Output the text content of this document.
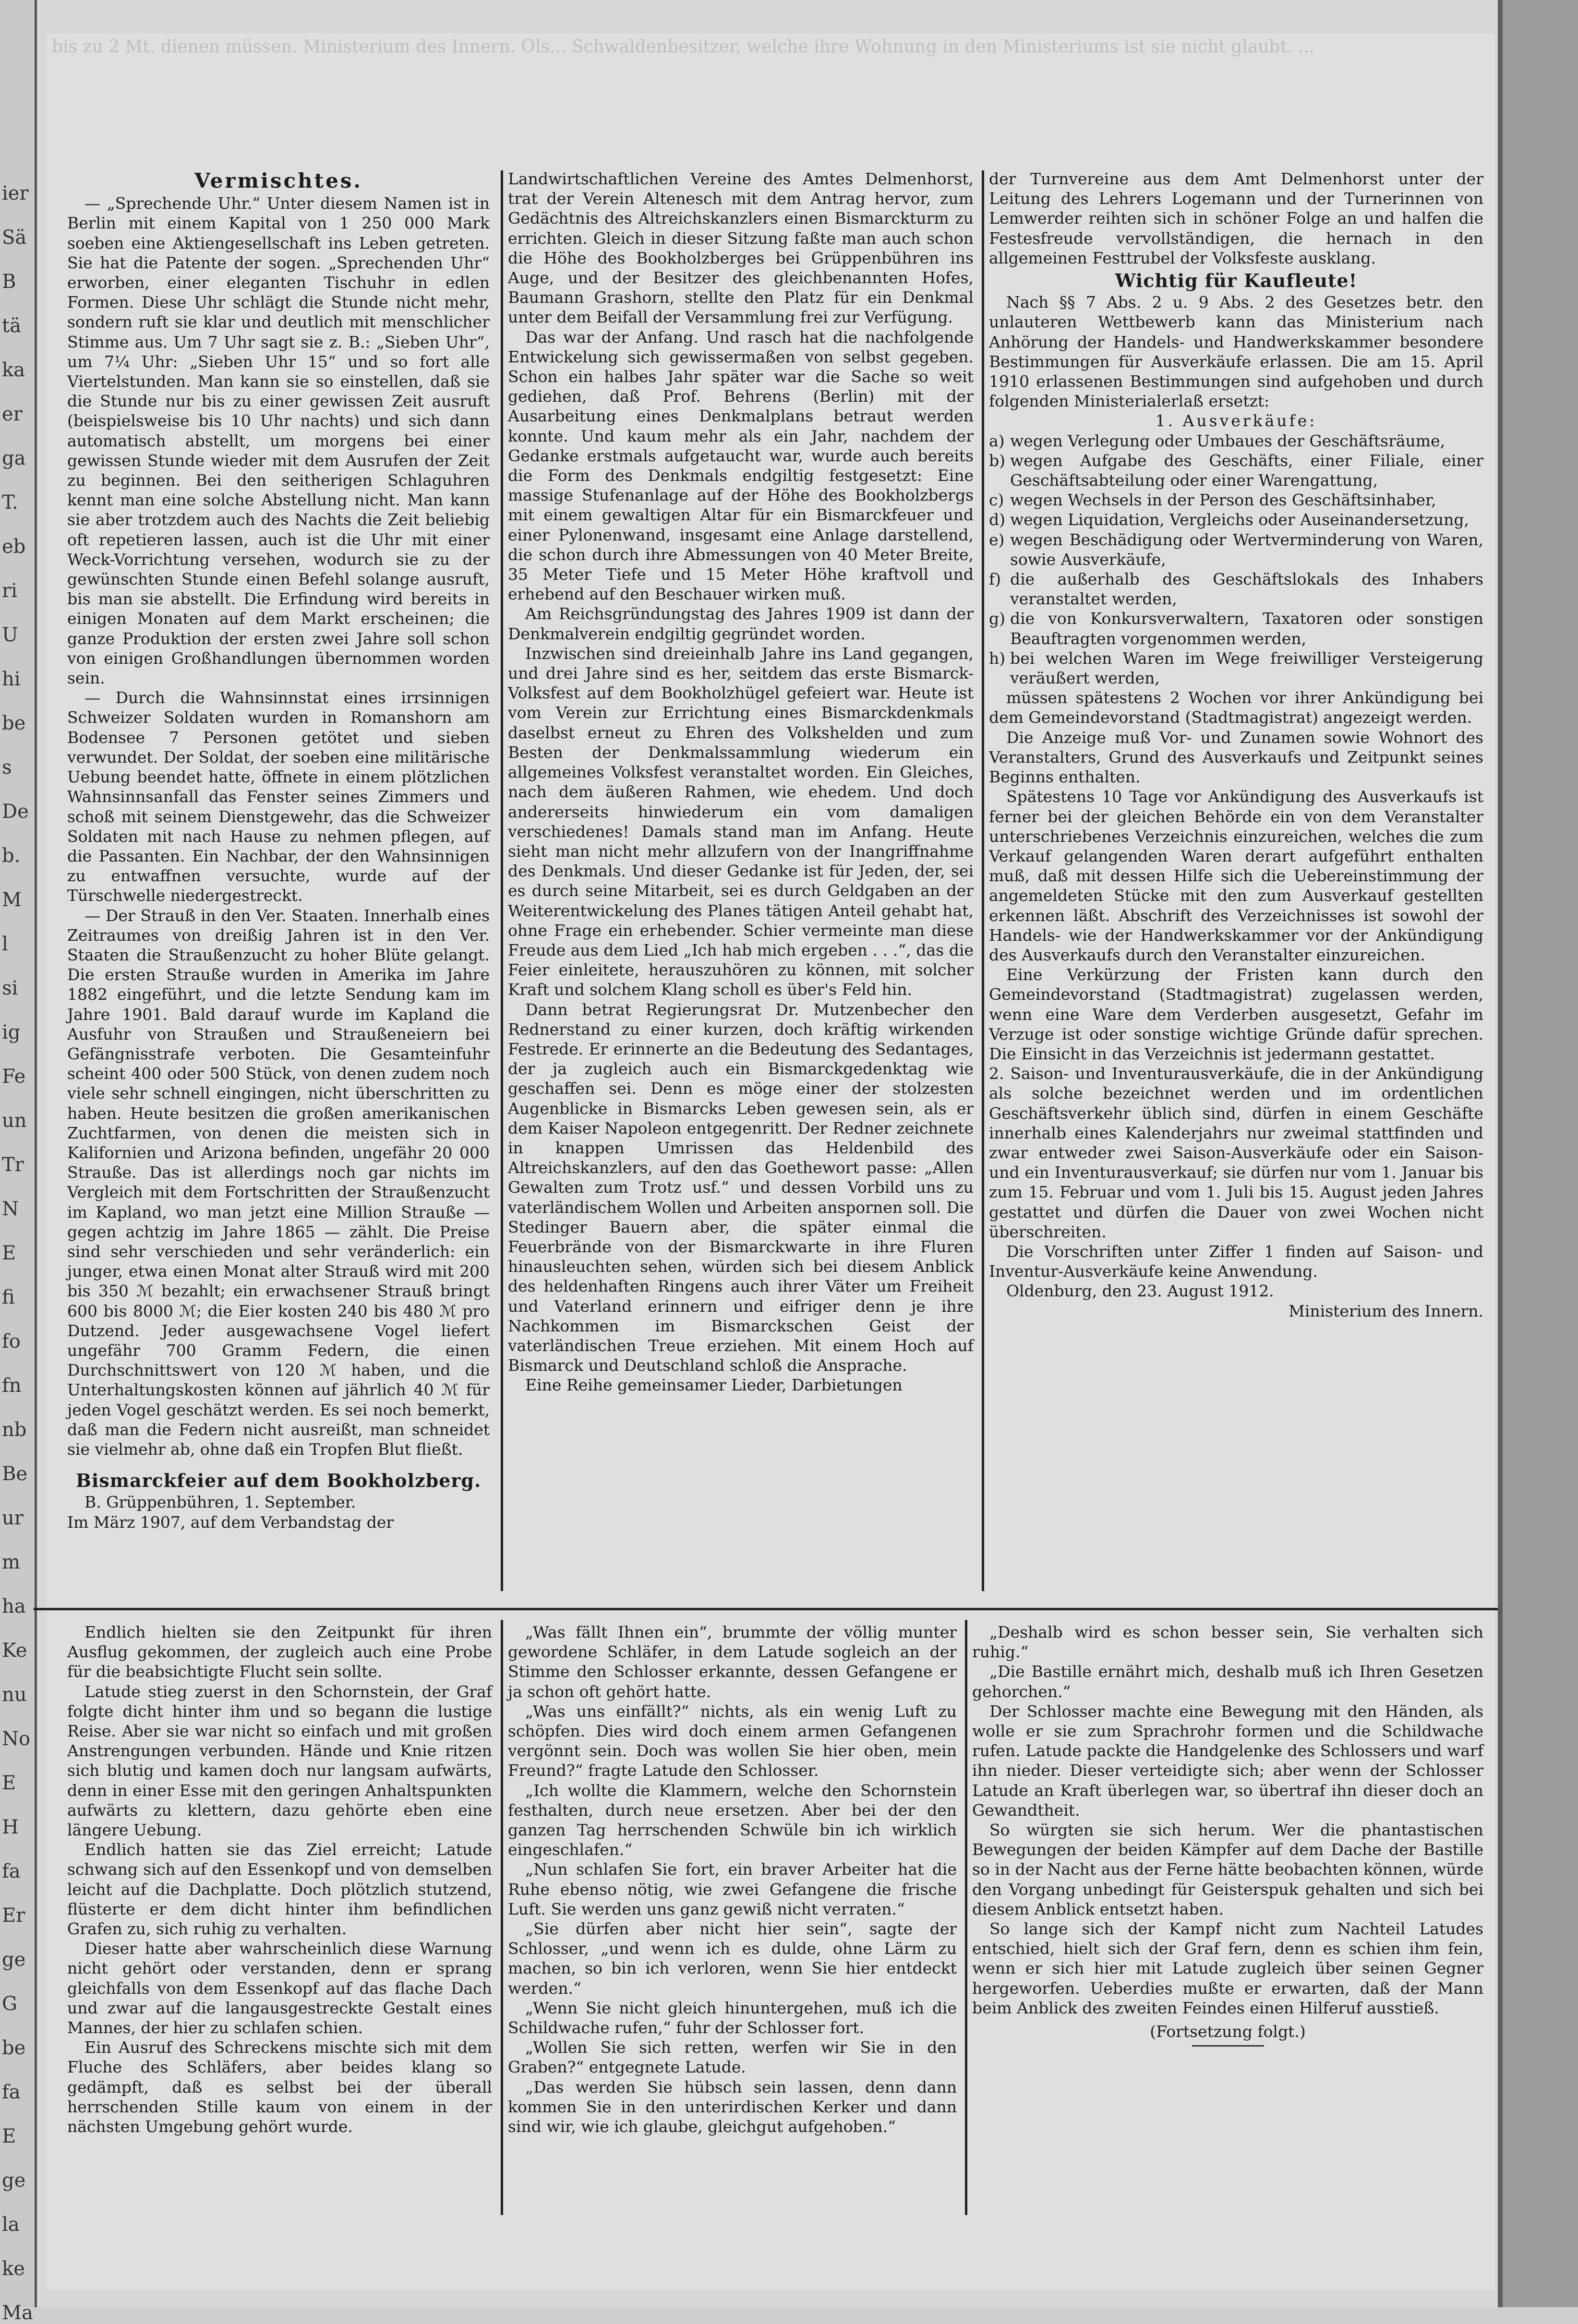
ier
Sä
B
tä
ka
er
ga
T.
eb
ri
U
hi
be
s
De
b.
M
l
si
ig
Fe
un
Tr
N
E
fi
fo
fn
nb
Be
ur
m
ha
Ke
nu
No
E
H
fa
Er
ge
G
be
fa
E
ge
la
ke
Ma
bis zu 2 Mt. dienen müssen. Ministerium des Innern. Ols... Schwaldenbesitzer, welche ihre Wohnung in den Ministeriums ist sie nicht glaubt. ...
Vermischtes.

— „Sprechende Uhr.“ Unter diesem Namen ist in Berlin mit einem Kapital von 1 250 000 Mark soeben eine Aktiengesellschaft ins Leben getreten. Sie hat die Patente der sogen. „Sprechenden Uhr“ erworben, einer eleganten Tischuhr in edlen Formen. Diese Uhr schlägt die Stunde nicht mehr, sondern ruft sie klar und deutlich mit menschlicher Stimme aus. Um 7 Uhr sagt sie z. B.: „Sieben Uhr“, um 7¼ Uhr: „Sieben Uhr 15“ und so fort alle Viertelstunden. Man kann sie so einstellen, daß sie die Stunde nur bis zu einer gewissen Zeit ausruft (beispielsweise bis 10 Uhr nachts) und sich dann automatisch abstellt, um morgens bei einer gewissen Stunde wieder mit dem Ausrufen der Zeit zu beginnen. Bei den seitherigen Schlaguhren kennt man eine solche Abstellung nicht. Man kann sie aber trotzdem auch des Nachts die Zeit beliebig oft repetieren lassen, auch ist die Uhr mit einer Weck-Vorrichtung versehen, wodurch sie zu der gewünschten Stunde einen Befehl solange ausruft, bis man sie abstellt. Die Erfindung wird bereits in einigen Monaten auf dem Markt erscheinen; die ganze Produktion der ersten zwei Jahre soll schon von einigen Großhandlungen übernommen worden sein.

— Durch die Wahnsinnstat eines irrsinnigen Schweizer Soldaten wurden in Romanshorn am Bodensee 7 Personen getötet und sieben verwundet. Der Soldat, der soeben eine militärische Uebung beendet hatte, öffnete in einem plötzlichen Wahnsinnsanfall das Fenster seines Zimmers und schoß mit seinem Dienstgewehr, das die Schweizer Soldaten mit nach Hause zu nehmen pflegen, auf die Passanten. Ein Nachbar, der den Wahnsinnigen zu entwaffnen versuchte, wurde auf der Türschwelle niedergestreckt.

— Der Strauß in den Ver. Staaten. Innerhalb eines Zeitraumes von dreißig Jahren ist in den Ver. Staaten die Straußenzucht zu hoher Blüte gelangt. Die ersten Strauße wurden in Amerika im Jahre 1882 eingeführt, und die letzte Sendung kam im Jahre 1901. Bald darauf wurde im Kapland die Ausfuhr von Straußen und Straußeneiern bei Gefängnisstrafe verboten. Die Gesamteinfuhr scheint 400 oder 500 Stück, von denen zudem noch viele sehr schnell eingingen, nicht überschritten zu haben. Heute besitzen die großen amerikanischen Zuchtfarmen, von denen die meisten sich in Kalifornien und Arizona befinden, ungefähr 20 000 Strauße. Das ist allerdings noch gar nichts im Vergleich mit dem Fortschritten der Straußenzucht im Kapland, wo man jetzt eine Million Strauße — gegen achtzig im Jahre 1865 — zählt. Die Preise sind sehr verschieden und sehr veränderlich: ein junger, etwa einen Monat alter Strauß wird mit 200 bis 350 ℳ bezahlt; ein erwachsener Strauß bringt 600 bis 8000 ℳ; die Eier kosten 240 bis 480 ℳ pro Dutzend. Jeder ausgewachsene Vogel liefert ungefähr 700 Gramm Federn, die einen Durchschnittswert von 120 ℳ haben, und die Unterhaltungskosten können auf jährlich 40 ℳ für jeden Vogel geschätzt werden. Es sei noch bemerkt, daß man die Federn nicht ausreißt, man schneidet sie vielmehr ab, ohne daß ein Tropfen Blut fließt.

Bismarckfeier auf dem Bookholzberg.

B. Grüppenbühren, 1. September.

Im März 1907, auf dem Verbandstag der

Landwirtschaftlichen Vereine des Amtes Delmenhorst, trat der Verein Altenesch mit dem Antrag hervor, zum Gedächtnis des Altreichskanzlers einen Bismarckturm zu errichten. Gleich in dieser Sitzung faßte man auch schon die Höhe des Bookholzberges bei Grüppenbühren ins Auge, und der Besitzer des gleichbenannten Hofes, Baumann Grashorn, stellte den Platz für ein Denkmal unter dem Beifall der Versammlung frei zur Verfügung.

Das war der Anfang. Und rasch hat die nachfolgende Entwickelung sich gewissermaßen von selbst gegeben. Schon ein halbes Jahr später war die Sache so weit gediehen, daß Prof. Behrens (Berlin) mit der Ausarbeitung eines Denkmalplans betraut werden konnte. Und kaum mehr als ein Jahr, nachdem der Gedanke erstmals aufgetaucht war, wurde auch bereits die Form des Denkmals endgiltig festgesetzt: Eine massige Stufenanlage auf der Höhe des Bookholzbergs mit einem gewaltigen Altar für ein Bismarckfeuer und einer Pylonenwand, insgesamt eine Anlage darstellend, die schon durch ihre Abmessungen von 40 Meter Breite, 35 Meter Tiefe und 15 Meter Höhe kraftvoll und erhebend auf den Beschauer wirken muß.

Am Reichsgründungstag des Jahres 1909 ist dann der Denkmalverein endgiltig gegründet worden.

Inzwischen sind dreieinhalb Jahre ins Land gegangen, und drei Jahre sind es her, seitdem das erste Bismarck-Volksfest auf dem Bookholzhügel gefeiert war. Heute ist vom Verein zur Errichtung eines Bismarckdenkmals daselbst erneut zu Ehren des Volkshelden und zum Besten der Denkmalssammlung wiederum ein allgemeines Volksfest veranstaltet worden. Ein Gleiches, nach dem äußeren Rahmen, wie ehedem. Und doch andererseits hinwiederum ein vom damaligen verschiedenes! Damals stand man im Anfang. Heute sieht man nicht mehr allzufern von der Inangriffnahme des Denkmals. Und dieser Gedanke ist für Jeden, der, sei es durch seine Mitarbeit, sei es durch Geldgaben an der Weiterentwickelung des Planes tätigen Anteil gehabt hat, ohne Frage ein erhebender. Schier vermeinte man diese Freude aus dem Lied „Ich hab mich ergeben . . .“, das die Feier einleitete, herauszuhören zu können, mit solcher Kraft und solchem Klang scholl es über's Feld hin.

Dann betrat Regierungsrat Dr. Mutzenbecher den Rednerstand zu einer kurzen, doch kräftig wirkenden Festrede. Er erinnerte an die Bedeutung des Sedantages, der ja zugleich auch ein Bismarckgedenktag wie geschaffen sei. Denn es möge einer der stolzesten Augenblicke in Bismarcks Leben gewesen sein, als er dem Kaiser Napoleon entgegenritt. Der Redner zeichnete in knappen Umrissen das Heldenbild des Altreichskanzlers, auf den das Goethewort passe: „Allen Gewalten zum Trotz usf.“ und dessen Vorbild uns zu vaterländischem Wollen und Arbeiten anspornen soll. Die Stedinger Bauern aber, die später einmal die Feuerbrände von der Bismarckwarte in ihre Fluren hinausleuchten sehen, würden sich bei diesem Anblick des heldenhaften Ringens auch ihrer Väter um Freiheit und Vaterland erinnern und eifriger denn je ihre Nachkommen im Bismarckschen Geist der vaterländischen Treue erziehen. Mit einem Hoch auf Bismarck und Deutschland schloß die Ansprache.

Eine Reihe gemeinsamer Lieder, Darbietungen

der Turnvereine aus dem Amt Delmenhorst unter der Leitung des Lehrers Logemann und der Turnerinnen von Lemwerder reihten sich in schöner Folge an und halfen die Festesfreude vervollständigen, die hernach in den allgemeinen Festtrubel der Volksfeste ausklang.

Wichtig für Kaufleute!

Nach §§ 7 Abs. 2 u. 9 Abs. 2 des Gesetzes betr. den unlauteren Wettbewerb kann das Ministerium nach Anhörung der Handels- und Handwerkskammer besondere Bestimmungen für Ausverkäufe erlassen. Die am 15. April 1910 erlassenen Bestimmungen sind aufgehoben und durch folgenden Ministerialerlaß ersetzt:

1. Ausverkäufe:
a) wegen Verlegung oder Umbaues der Geschäftsräume,
b) wegen Aufgabe des Geschäfts, einer Filiale, einer Geschäftsabteilung oder einer Warengattung,
c) wegen Wechsels in der Person des Geschäftsinhaber,
d) wegen Liquidation, Vergleichs oder Auseinandersetzung,
e) wegen Beschädigung oder Wertverminderung von Waren, sowie Ausverkäufe,
f) die außerhalb des Geschäftslokals des Inhabers veranstaltet werden,
g) die von Konkursverwaltern, Taxatoren oder sonstigen Beauftragten vorgenommen werden,
h) bei welchen Waren im Wege freiwilliger Versteigerung veräußert werden,

müssen spätestens 2 Wochen vor ihrer Ankündigung bei dem Gemeindevorstand (Stadtmagistrat) angezeigt werden.

Die Anzeige muß Vor- und Zunamen sowie Wohnort des Veranstalters, Grund des Ausverkaufs und Zeitpunkt seines Beginns enthalten.

Spätestens 10 Tage vor Ankündigung des Ausverkaufs ist ferner bei der gleichen Behörde ein von dem Veranstalter unterschriebenes Verzeichnis einzureichen, welches die zum Verkauf gelangenden Waren derart aufgeführt enthalten muß, daß mit dessen Hilfe sich die Uebereinstimmung der angemeldeten Stücke mit den zum Ausverkauf gestellten erkennen läßt. Abschrift des Verzeichnisses ist sowohl der Handels- wie der Handwerkskammer vor der Ankündigung des Ausverkaufs durch den Veranstalter einzureichen.

Eine Verkürzung der Fristen kann durch den Gemeindevorstand (Stadtmagistrat) zugelassen werden, wenn eine Ware dem Verderben ausgesetzt, Gefahr im Verzuge ist oder sonstige wichtige Gründe dafür sprechen. Die Einsicht in das Verzeichnis ist jedermann gestattet.

2. Saison- und Inventurausverkäufe, die in der Ankündigung als solche bezeichnet werden und im ordentlichen Geschäftsverkehr üblich sind, dürfen in einem Geschäfte innerhalb eines Kalenderjahrs nur zweimal stattfinden und zwar entweder zwei Saison-Ausverkäufe oder ein Saison- und ein Inventurausverkauf; sie dürfen nur vom 1. Januar bis zum 15. Februar und vom 1. Juli bis 15. August jeden Jahres gestattet und dürfen die Dauer von zwei Wochen nicht überschreiten.

Die Vorschriften unter Ziffer 1 finden auf Saison- und Inventur-Ausverkäufe keine Anwendung.

Oldenburg, den 23. August 1912.

Ministerium des Innern.

Endlich hielten sie den Zeitpunkt für ihren Ausflug gekommen, der zugleich auch eine Probe für die beabsichtigte Flucht sein sollte.

Latude stieg zuerst in den Schornstein, der Graf folgte dicht hinter ihm und so begann die lustige Reise. Aber sie war nicht so einfach und mit großen Anstrengungen verbunden. Hände und Knie ritzen sich blutig und kamen doch nur langsam aufwärts, denn in einer Esse mit den geringen Anhaltspunkten aufwärts zu klettern, dazu gehörte eben eine längere Uebung.

Endlich hatten sie das Ziel erreicht; Latude schwang sich auf den Essenkopf und von demselben leicht auf die Dachplatte. Doch plötzlich stutzend, flüsterte er dem dicht hinter ihm befindlichen Grafen zu, sich ruhig zu verhalten.

Dieser hatte aber wahrscheinlich diese Warnung nicht gehört oder verstanden, denn er sprang gleichfalls von dem Essenkopf auf das flache Dach und zwar auf die langausgestreckte Gestalt eines Mannes, der hier zu schlafen schien.

Ein Ausruf des Schreckens mischte sich mit dem Fluche des Schläfers, aber beides klang so gedämpft, daß es selbst bei der überall herrschenden Stille kaum von einem in der nächsten Umgebung gehört wurde.

„Was fällt Ihnen ein“, brummte der völlig munter gewordene Schläfer, in dem Latude sogleich an der Stimme den Schlosser erkannte, dessen Gefangene er ja schon oft gehört hatte.

„Was uns einfällt?“ nichts, als ein wenig Luft zu schöpfen. Dies wird doch einem armen Gefangenen vergönnt sein. Doch was wollen Sie hier oben, mein Freund?“ fragte Latude den Schlosser.

„Ich wollte die Klammern, welche den Schornstein festhalten, durch neue ersetzen. Aber bei der den ganzen Tag herrschenden Schwüle bin ich wirklich eingeschlafen.“

„Nun schlafen Sie fort, ein braver Arbeiter hat die Ruhe ebenso nötig, wie zwei Gefangene die frische Luft. Sie werden uns ganz gewiß nicht verraten.“

„Sie dürfen aber nicht hier sein“, sagte der Schlosser, „und wenn ich es dulde, ohne Lärm zu machen, so bin ich verloren, wenn Sie hier entdeckt werden.“

„Wenn Sie nicht gleich hinuntergehen, muß ich die Schildwache rufen,“ fuhr der Schlosser fort.

„Wollen Sie sich retten, werfen wir Sie in den Graben?“ entgegnete Latude.

„Das werden Sie hübsch sein lassen, denn dann kommen Sie in den unterirdischen Kerker und dann sind wir, wie ich glaube, gleichgut aufgehoben.“

„Deshalb wird es schon besser sein, Sie verhalten sich ruhig.“

„Die Bastille ernährt mich, deshalb muß ich Ihren Gesetzen gehorchen.“

Der Schlosser machte eine Bewegung mit den Händen, als wolle er sie zum Sprachrohr formen und die Schildwache rufen. Latude packte die Handgelenke des Schlossers und warf ihn nieder. Dieser verteidigte sich; aber wenn der Schlosser Latude an Kraft überlegen war, so übertraf ihn dieser doch an Gewandtheit.

So würgten sie sich herum. Wer die phantastischen Bewegungen der beiden Kämpfer auf dem Dache der Bastille so in der Nacht aus der Ferne hätte beobachten können, würde den Vorgang unbedingt für Geisterspuk gehalten und sich bei diesem Anblick entsetzt haben.

So lange sich der Kampf nicht zum Nachteil Latudes entschied, hielt sich der Graf fern, denn es schien ihm fein, wenn er sich hier mit Latude zugleich über seinen Gegner hergeworfen. Ueberdies mußte er erwarten, daß der Mann beim Anblick des zweiten Feindes einen Hilferuf ausstieß.

(Fortsetzung folgt.)
